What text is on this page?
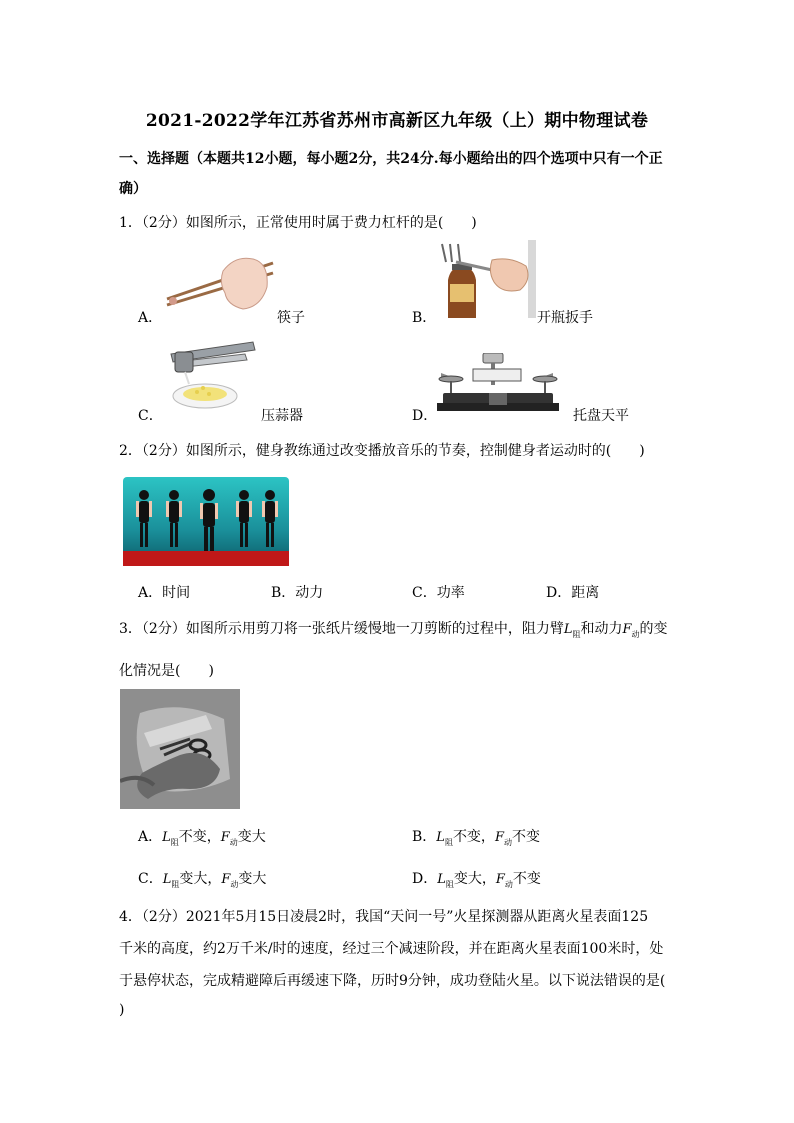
2021-2022学年江苏省苏州市高新区九年级（上）期中物理试卷
一、选择题（本题共12小题，每小题2分，共24分.每小题给出的四个选项中只有一个正确）
1．（2分）如图所示，正常使用时属于费力杠杆的是(　　)
A．	筷子	B．	开瓶扳手
C．	压蒜器	D．	托盘天平
2．（2分）如图所示，健身教练通过改变播放音乐的节奏，控制健身者运动时的(　　)
A．时间	B．动力	C．功率	D．距离
3．（2分）如图所示用剪刀将一张纸片缓慢地一刀剪断的过程中，阻力臂$L_阻$和动力$F_动$的变
化情况是(　　)
A．$L_阻$不变，$F_动$变大	B．$L_阻$不变，$F_动$不变
C．$L_阻$变大，$F_动$变大	D．$L_阻$变大，$F_动$不变
4．（2分）2021年5月15日凌晨2时，我国“天问一号”火星探测器从距离火星表面125
千米的高度，约2万千米/时的速度，经过三个减速阶段，并在距离火星表面100米时，处
于悬停状态，完成精避障后再缓速下降，历时9分钟，成功登陆火星。以下说法错误的是(
)
